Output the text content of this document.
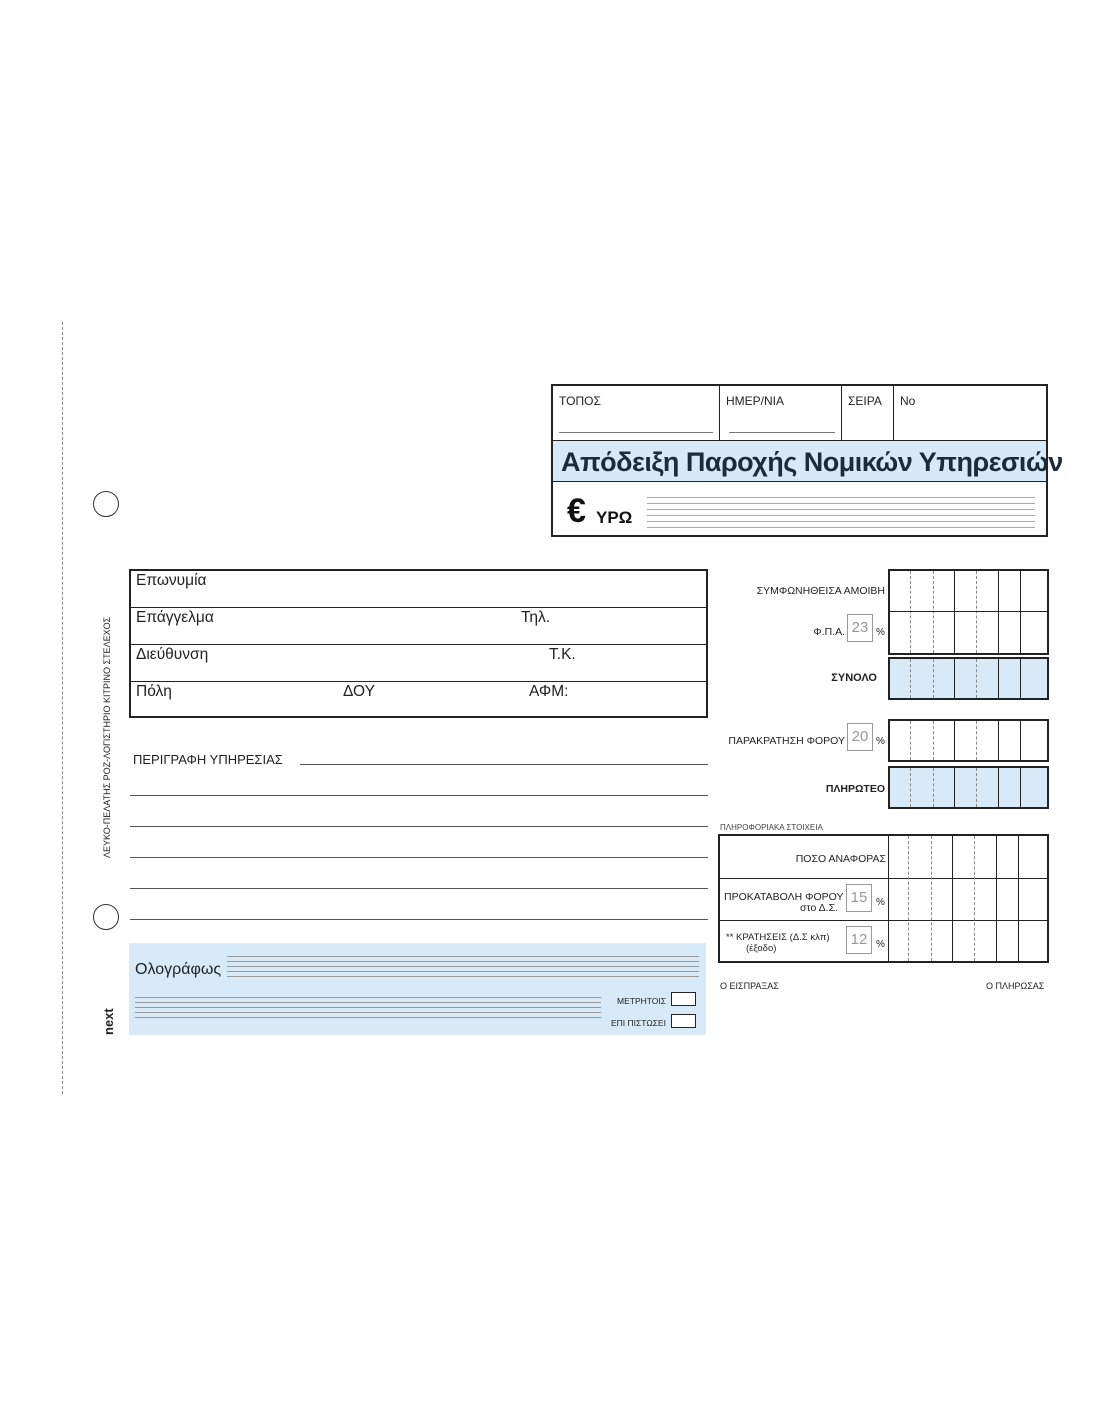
ΛΕΥΚΟ-ΠΕΛΑΤΗΣ ΡΟΖ-ΛΟΓΙΣΤΗΡΙΟ ΚΙΤΡΙΝΟ ΣΤΕΛΕΧΟΣ
next
ΤΟΠΟΣ	ΗΜΕΡ/ΝΙΑ	ΣΕΙΡΑ	No
Απόδειξη Παροχής Νομικών Υπηρεσιών
€ ΥΡΩ
Επωνυμία
Επάγγελμα	Τηλ.
Διεύθυνση	Τ.Κ.
Πόλη	ΔΟΥ	ΑΦΜ:
ΠΕΡΙΓΡΑΦΗ ΥΠΗΡΕΣΙΑΣ
Ολογράφως
ΜΕΤΡΗΤΟΙΣ
ΕΠΙ ΠΙΣΤΩΣΕΙ
ΣΥΜΦΩΝΗΘΕΙΣΑ ΑΜΟΙΒΗ
Φ.Π.Α. 23 %
ΣΥΝΟΛΟ
ΠΑΡΑΚΡΑΤΗΣΗ ΦΟΡΟΥ 20 %
ΠΛΗΡΩΤΕΟ
ΠΛΗΡΟΦΟΡΙΑΚΑ ΣΤΟΙΧΕΙΑ
ΠΟΣΟ ΑΝΑΦΟΡΑΣ
ΠΡΟΚΑΤΑΒΟΛΗ ΦΟΡΟΥ
στο Δ.Σ.
15 %
** ΚΡΑΤΗΣΕΙΣ (Δ.Σ κλπ)
(έξοδο)
12 %
Ο ΕΙΣΠΡΑΞΑΣ	Ο ΠΛΗΡΩΣΑΣ
